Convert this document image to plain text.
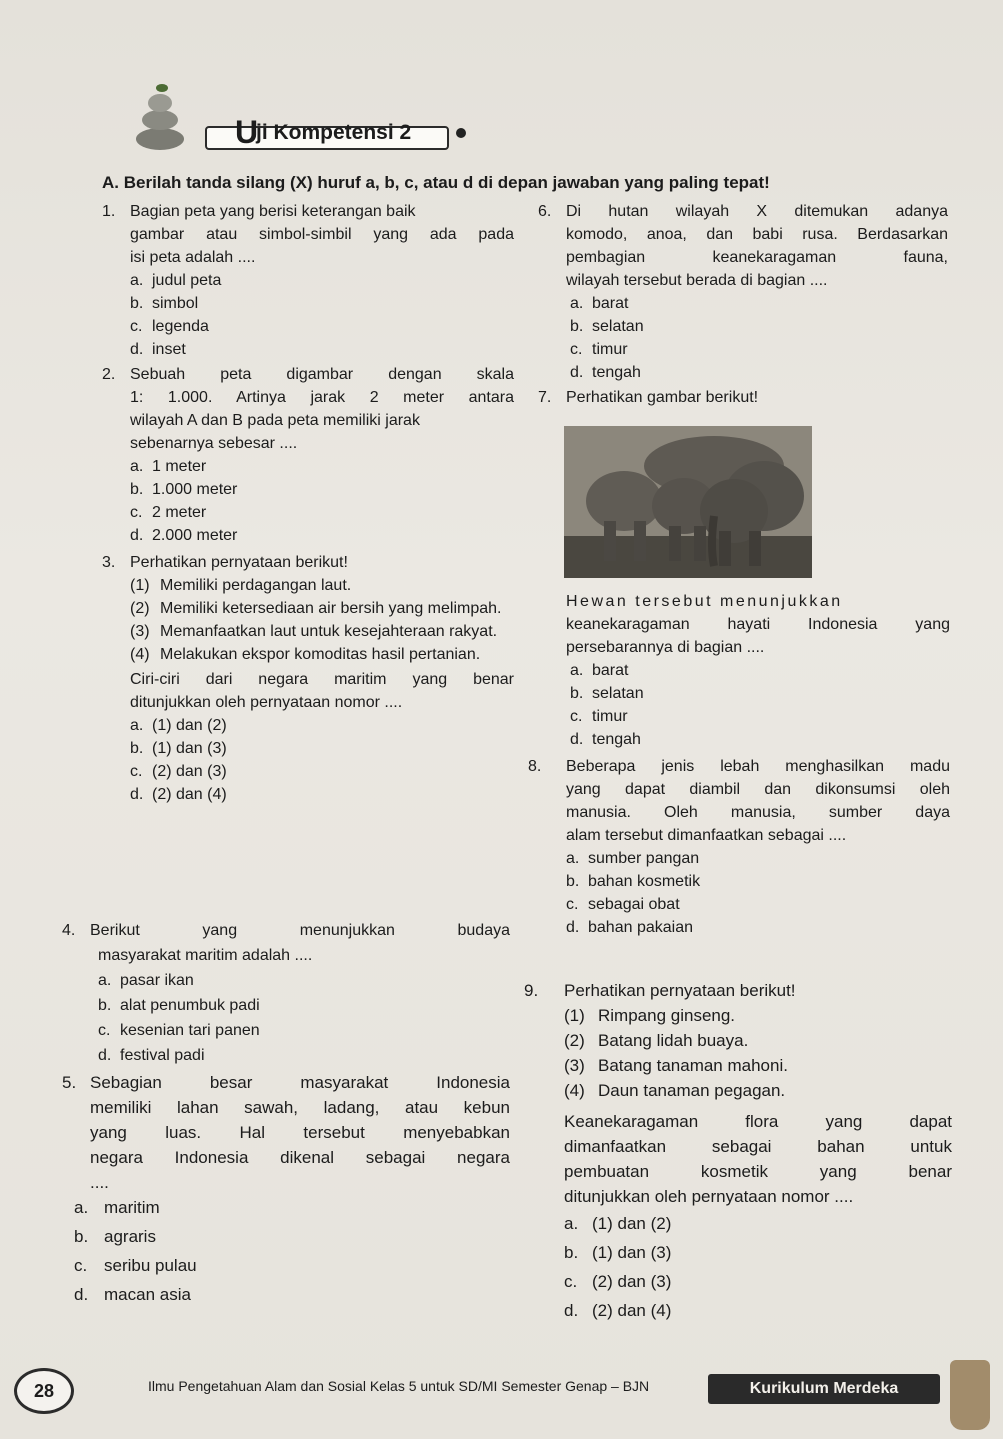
U
ji Kompetensi 2
A. Berilah tanda silang (X) huruf a, b, c, atau d di depan jawaban yang paling tepat!
1. Bagian peta yang berisi keterangan baik

gambar atau simbol-simbil yang ada pada

isi peta adalah ....

a. judul peta
b. simbol
c. legenda
d. inset
2. Sebuah peta digambar dengan skala

1: 1.000. Artinya jarak 2 meter antara

wilayah A dan B pada peta memiliki jarak

sebenarnya sebesar ....

a. 1 meter
b. 1.000 meter
c. 2 meter
d. 2.000 meter
3. Perhatikan pernyataan berikut!

(1) Memiliki perdagangan laut.
(2) Memiliki ketersediaan air bersih yang melimpah.
(3) Memanfaatkan laut untuk kesejahteraan rakyat.
(4) Melakukan ekspor komoditas hasil pertanian.

Ciri-ciri dari negara maritim yang benar

ditunjukkan oleh pernyataan nomor ....

a. (1) dan (2)
b. (1) dan (3)
c. (2) dan (3)
d. (2) dan (4)
4. Berikut yang menunjukkan budaya

masyarakat maritim adalah ....

a. pasar ikan
b. alat penumbuk padi
c. kesenian tari panen
d. festival padi
5. Sebagian besar masyarakat Indonesia

memiliki lahan sawah, ladang, atau kebun

yang luas. Hal tersebut menyebabkan

negara Indonesia dikenal sebagai negara

....

a. maritim
b. agraris
c. seribu pulau
d. macan asia
6. Di hutan wilayah X ditemukan adanya

komodo, anoa, dan babi rusa. Berdasarkan

pembagian keanekaragaman fauna,

wilayah tersebut berada di bagian ....

a. barat
b. selatan
c. timur
d. tengah
7. Perhatikan gambar berikut!

Hewan tersebut menunjukkan

keanekaragaman hayati Indonesia yang

persebarannya di bagian ....

a. barat
b. selatan
c. timur
d. tengah
8.	Beberapa jenis lebah menghasilkan madu

yang dapat diambil dan dikonsumsi oleh

manusia. Oleh manusia, sumber daya

alam tersebut dimanfaatkan sebagai ....

a. sumber pangan
b. bahan kosmetik
c. sebagai obat
d. bahan pakaian
9.	Perhatikan pernyataan berikut!

(1) Rimpang ginseng.
(2) Batang lidah buaya.
(3) Batang tanaman mahoni.
(4) Daun tanaman pegagan.

Keanekaragaman flora yang dapat

dimanfaatkan sebagai bahan untuk

pembuatan kosmetik yang benar

ditunjukkan oleh pernyataan nomor ....

a. (1) dan (2)
b. (1) dan (3)
c. (2) dan (3)
d. (2) dan (4)
28	Ilmu Pengetahuan Alam dan Sosial Kelas 5 untuk SD/MI Semester Genap – BJN	Kurikulum Merdeka
